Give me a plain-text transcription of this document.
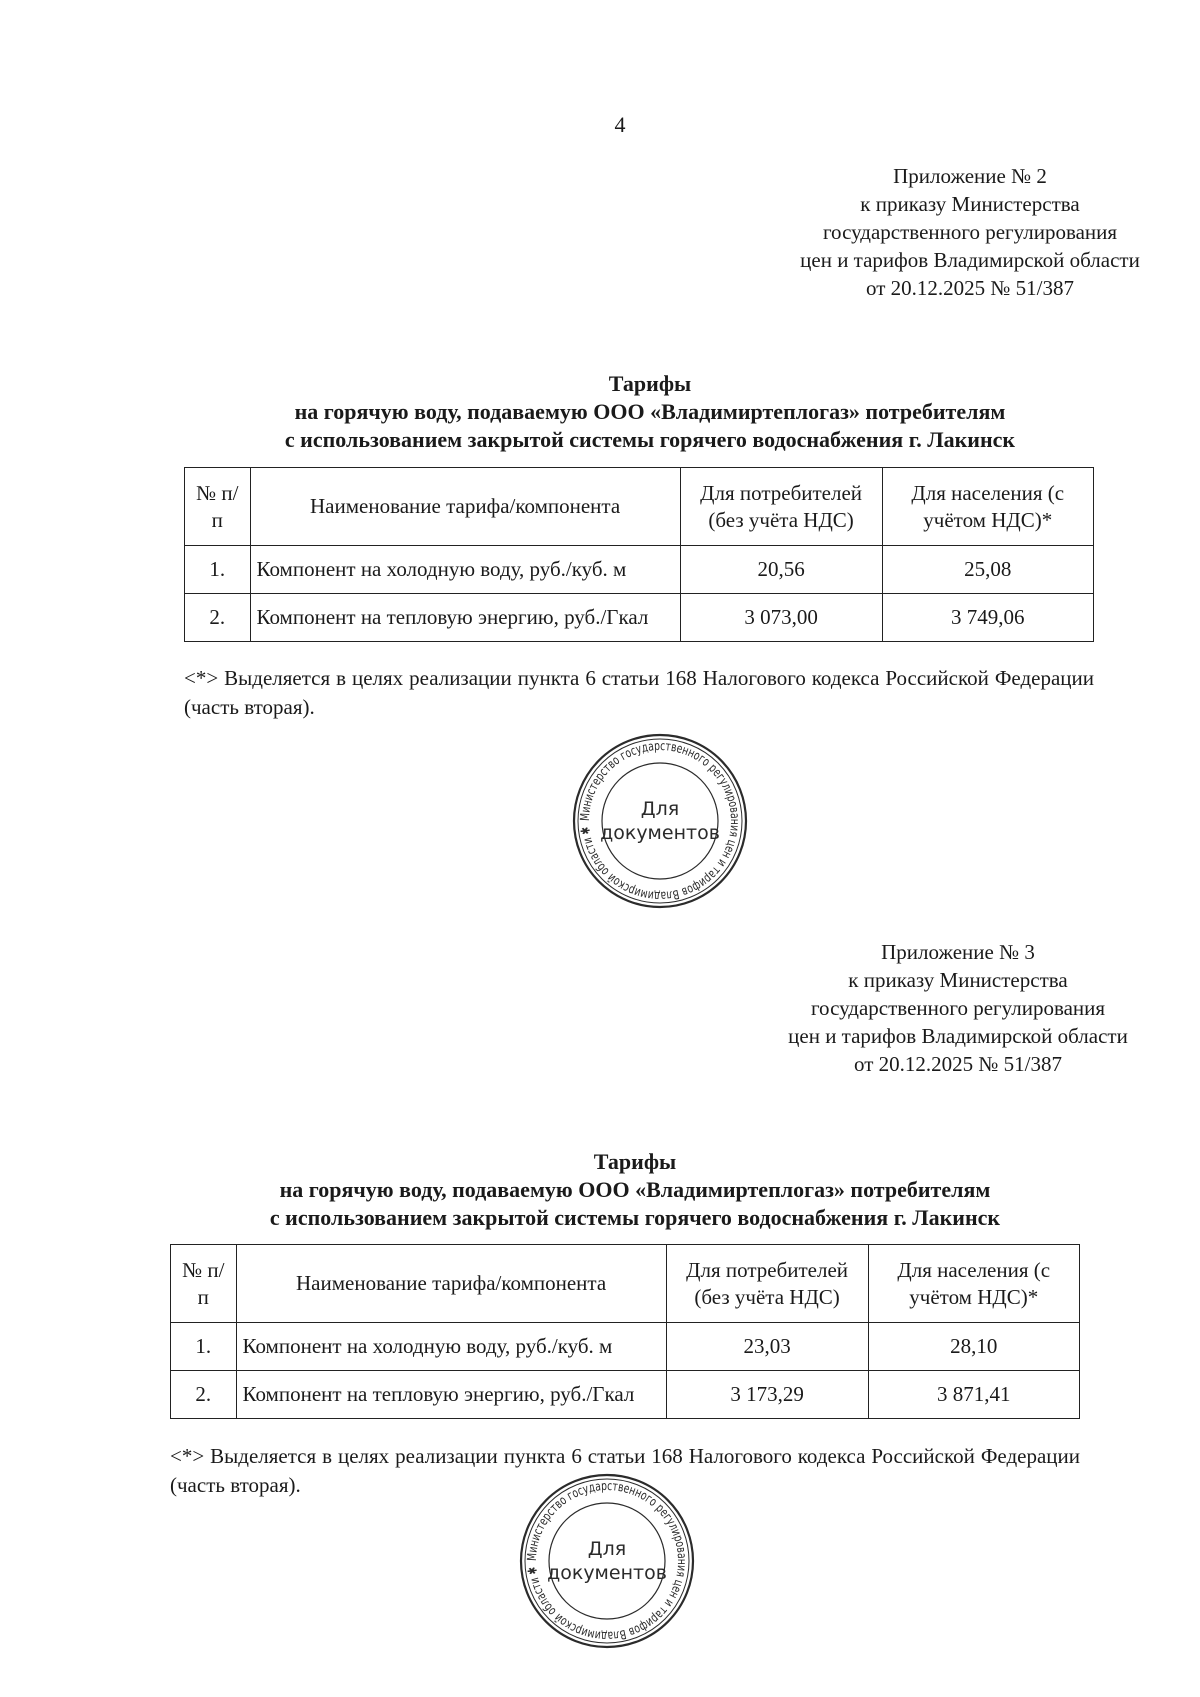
4
Приложение № 2
к приказу Министерства
государственного регулирования
цен и тарифов Владимирской области
от 20.12.2025 № 51/387
Тарифы
на горячую воду, подаваемую ООО «Владимиртеплогаз» потребителям
с использованием закрытой системы горячего водоснабжения г. Лакинск
№ п/п	Наименование тарифа/компонента	Для потребителей (без учёта НДС)	Для населения (с учётом НДС)*
1.	Компонент на холодную воду, руб./куб. м	20,56	25,08
2.	Компонент на тепловую энергию, руб./Гкал	3 073,00	3 749,06
<*> Выделяется в целях реализации пункта 6 статьи 168 Налогового кодекса Российской Федерации (часть вторая).
Министерство государственного регулирования цен и тарифов Владимирской области ✱
Для
документов
Приложение № 3
к приказу Министерства
государственного регулирования
цен и тарифов Владимирской области
от 20.12.2025 № 51/387
Тарифы
на горячую воду, подаваемую ООО «Владимиртеплогаз» потребителям
с использованием закрытой системы горячего водоснабжения г. Лакинск
№ п/п	Наименование тарифа/компонента	Для потребителей (без учёта НДС)	Для населения (с учётом НДС)*
1.	Компонент на холодную воду, руб./куб. м	23,03	28,10
2.	Компонент на тепловую энергию, руб./Гкал	3 173,29	3 871,41
<*> Выделяется в целях реализации пункта 6 статьи 168 Налогового кодекса Российской Федерации (часть вторая).
Министерство государственного регулирования цен и тарифов Владимирской области ✱
Для
документов
